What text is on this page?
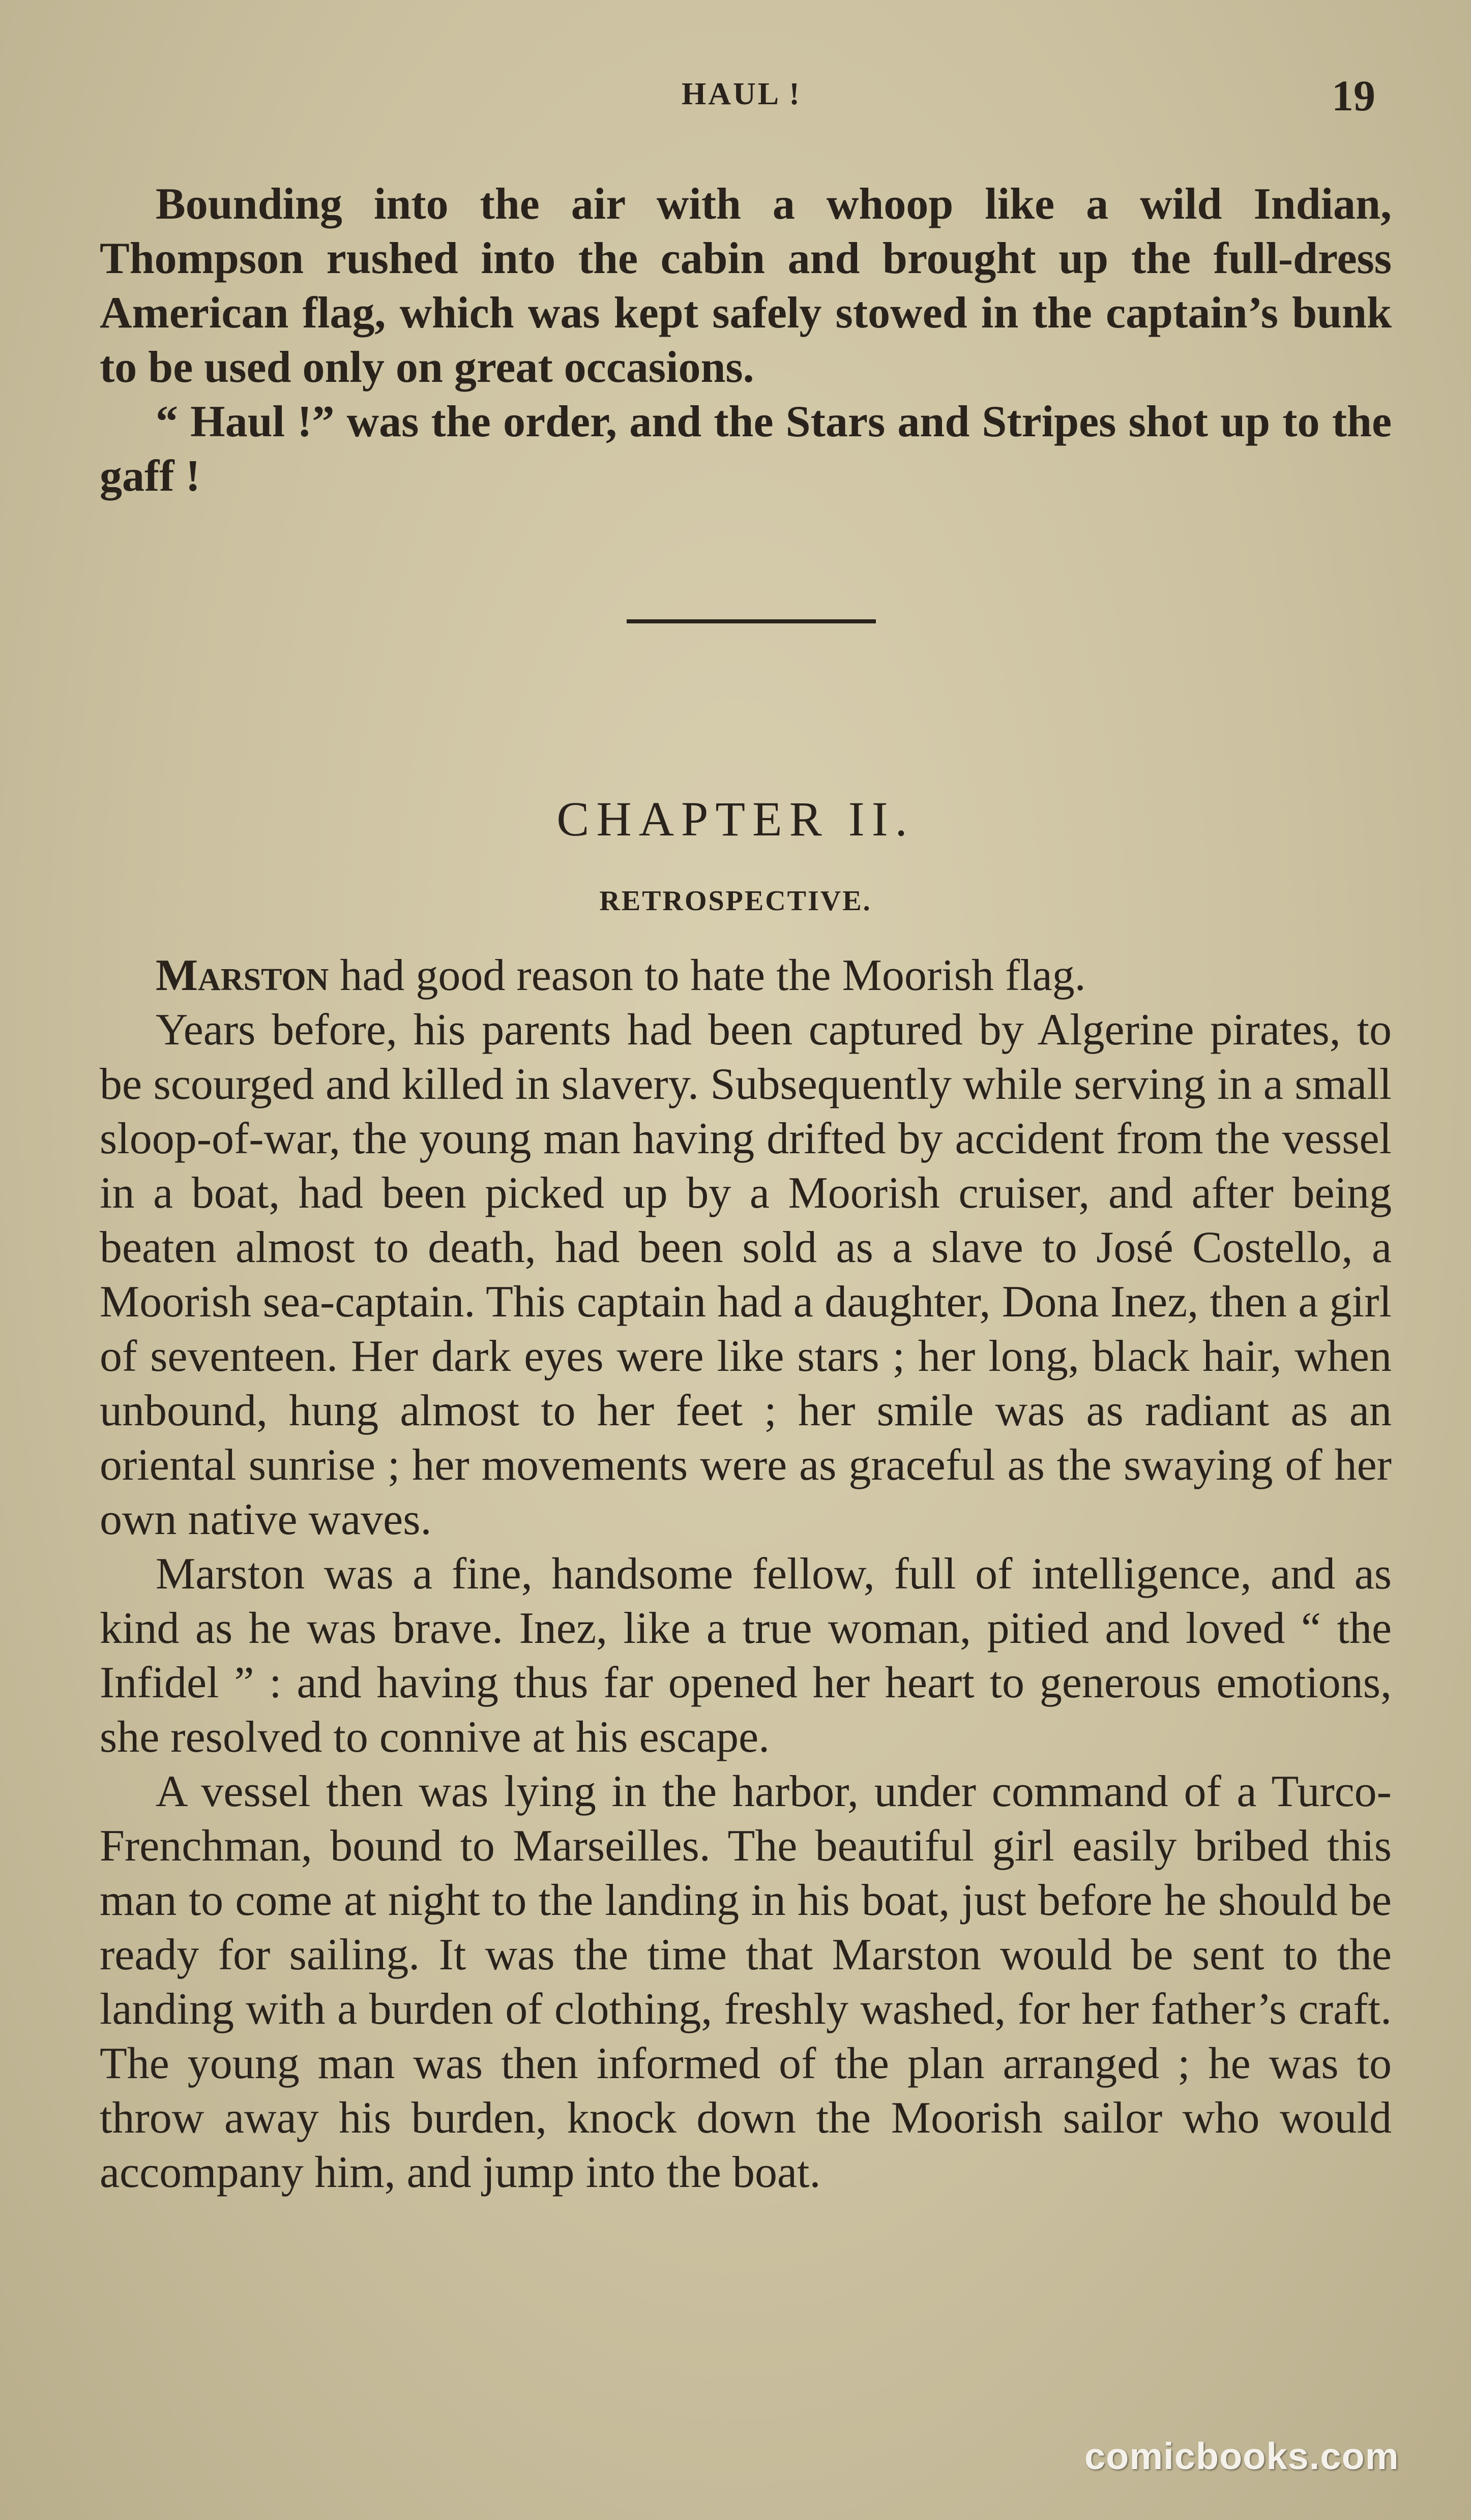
HAUL !	19

Bounding into the air with a whoop like a wild Indian, Thompson rushed into the cabin and brought up the full-dress American flag, which was kept safely stowed in the captain’s bunk to be used only on great occasions.

“ Haul !” was the order, and the Stars and Stripes shot up to the gaff !

CHAPTER II.
RETROSPECTIVE.

Marston had good reason to hate the Moorish flag.

Years before, his parents had been captured by Algerine pirates, to be scourged and killed in slavery. Subsequently while serving in a small sloop-of-war, the young man having drifted by accident from the vessel in a boat, had been picked up by a Moorish cruiser, and after being beaten almost to death, had been sold as a slave to José Costello, a Moorish sea-captain. This captain had a daughter, Dona Inez, then a girl of seventeen. Her dark eyes were like stars ; her long, black hair, when unbound, hung almost to her feet ; her smile was as radiant as an oriental sunrise ; her movements were as graceful as the swaying of her own native waves.

Marston was a fine, handsome fellow, full of intelligence, and as kind as he was brave. Inez, like a true woman, pitied and loved “ the Infidel ” : and having thus far opened her heart to generous emotions, she resolved to connive at his escape.

A vessel then was lying in the harbor, under command of a Turco-Frenchman, bound to Marseilles. The beautiful girl easily bribed this man to come at night to the landing in his boat, just before he should be ready for sailing. It was the time that Marston would be sent to the landing with a burden of clothing, freshly washed, for her father’s craft. The young man was then informed of the plan arranged ; he was to throw away his burden, knock down the Moorish sailor who would accompany him, and jump into the boat.

comicbooks.com
